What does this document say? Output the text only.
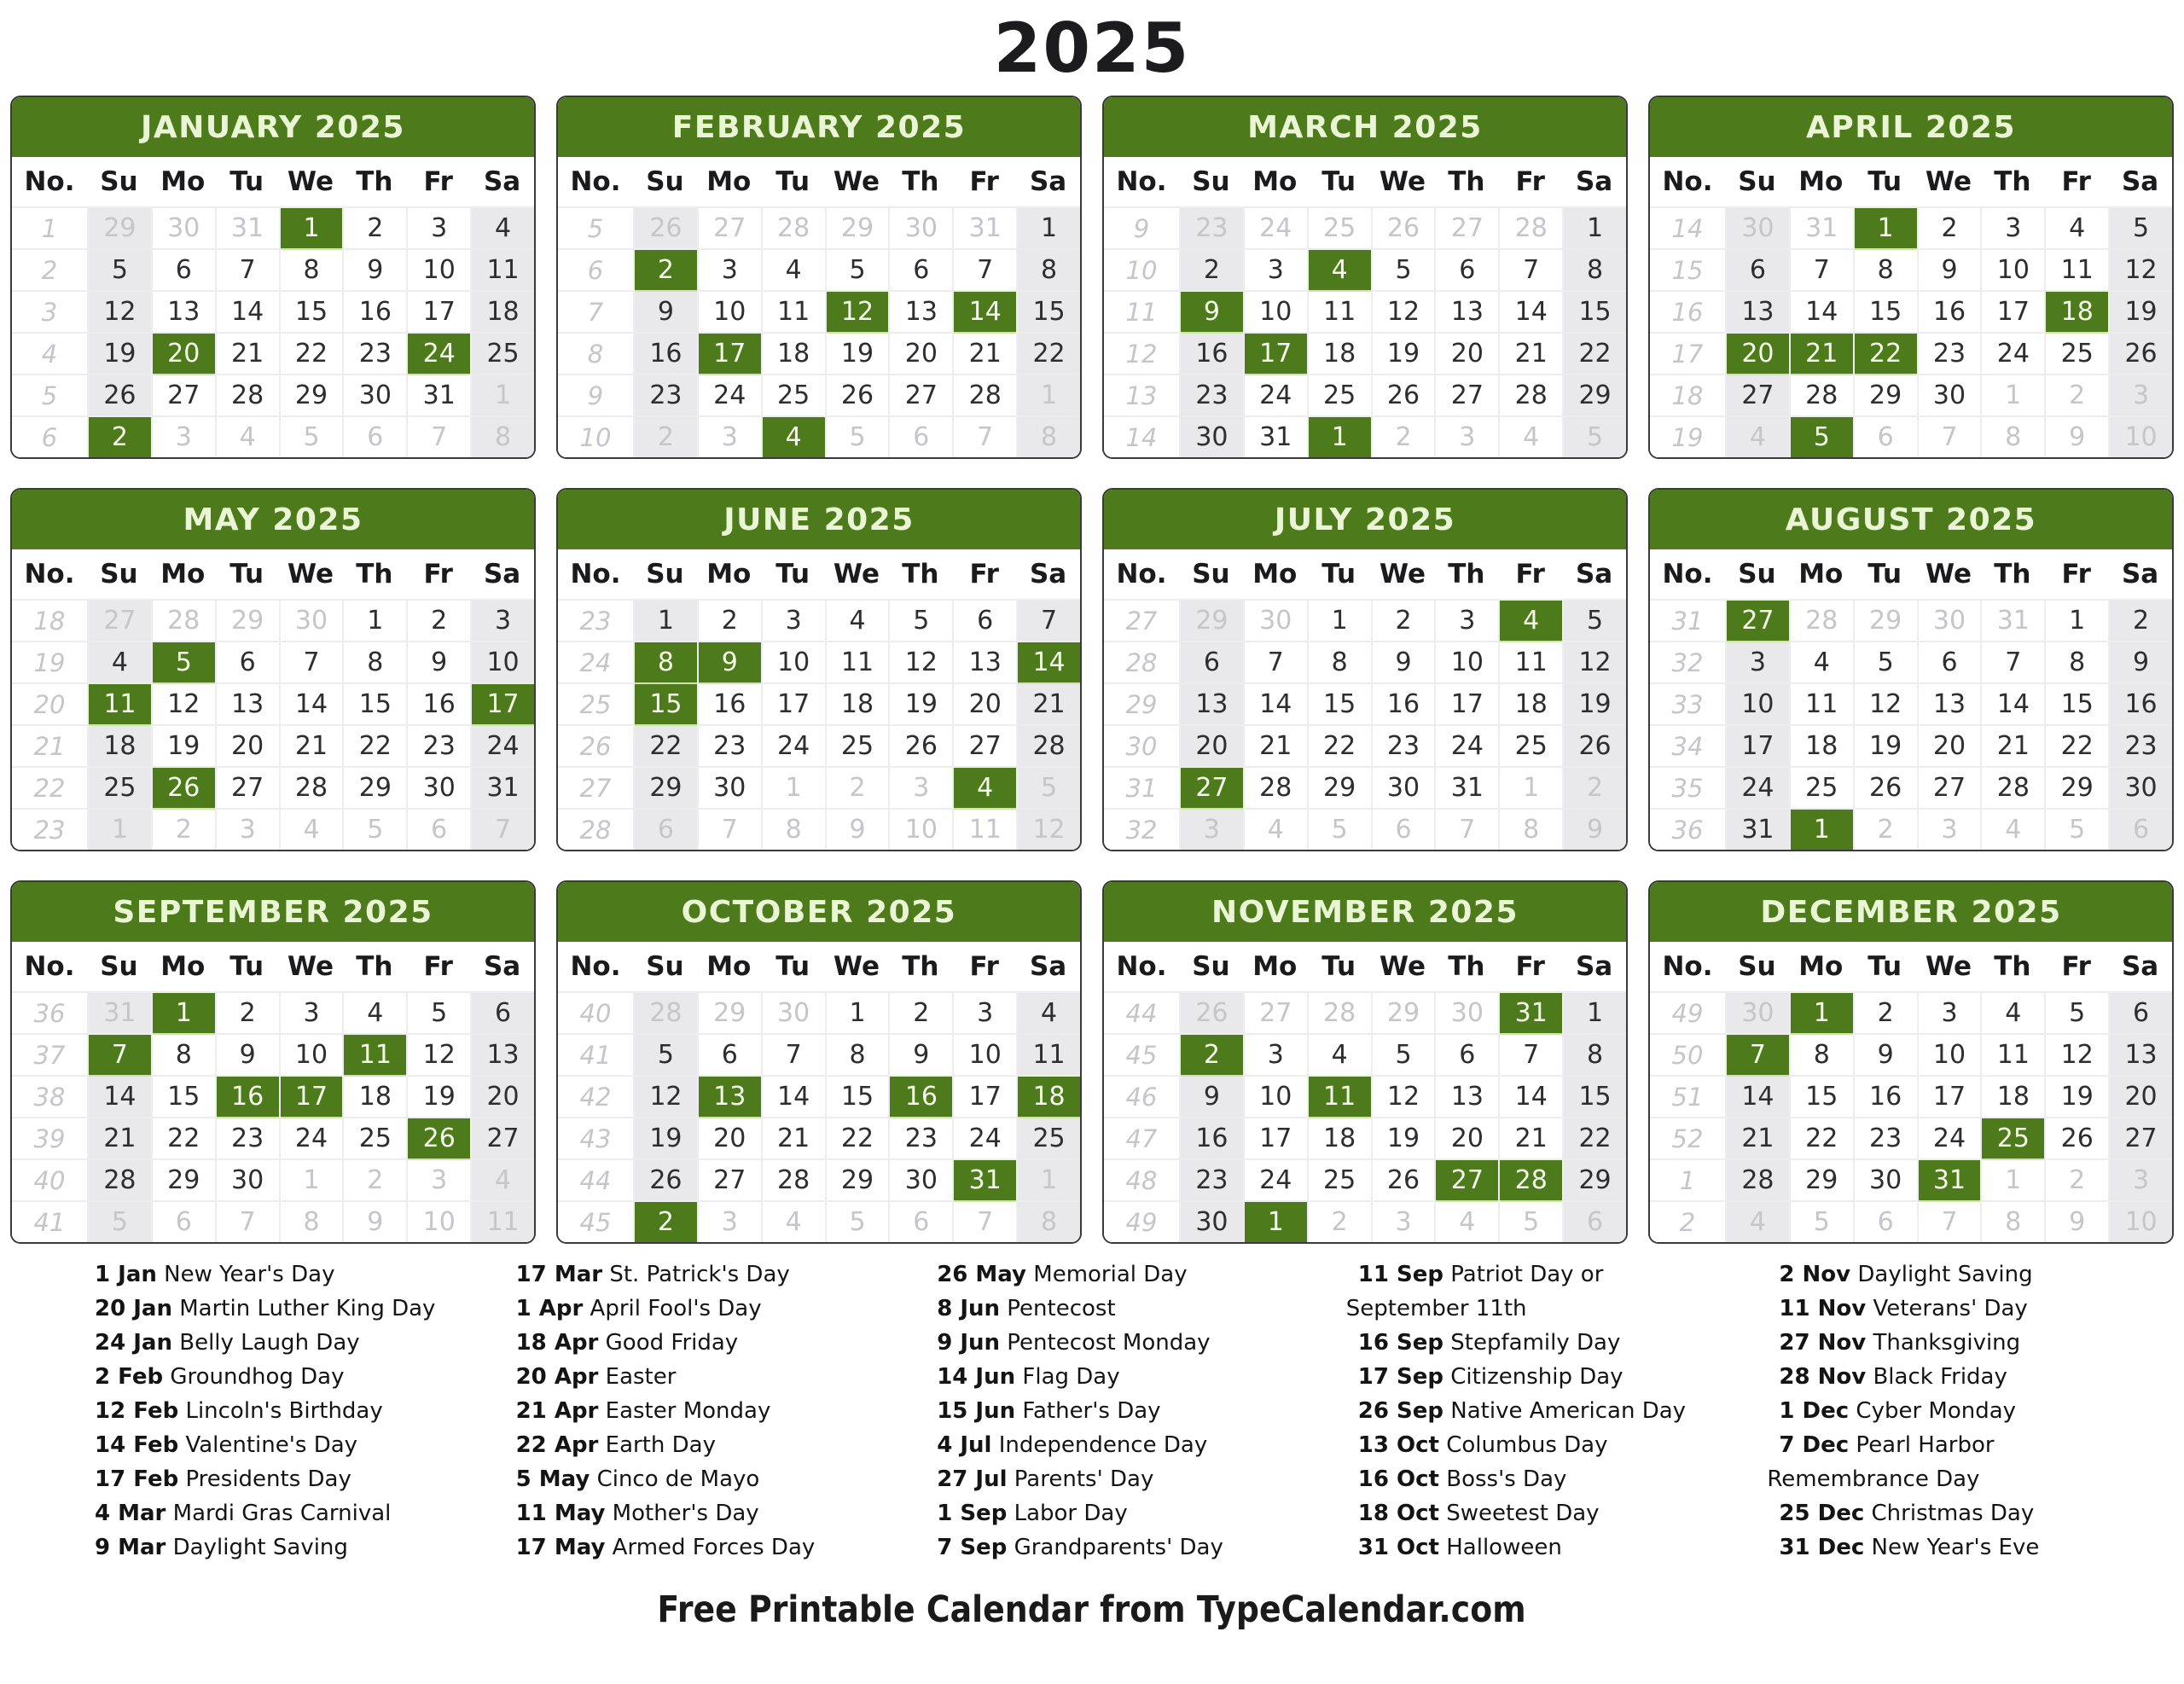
2025
JANUARY 2025
No. Su Mo Tu We Th	Fr	Sa
1	29	30	31	1	2	3	4
2	5	6	7	8	9	10	11
3	12	13	14	15	16	17	18
4	19	20	21	22	23	24	25
5	26	27	28	29	30	31	1
6	2	3	4	5	6	7	8
FEBRUARY 2025
No. Su Mo Tu We Th	Fr	Sa
5	26	27	28	29	30	31	1
6	2	3	4	5	6	7	8
7	9	10	11	12	13	14	15
8	16	17	18	19	20	21	22
9	23	24	25	26	27	28	1
10	2	3	4	5	6	7	8
MARCH 2025
No. Su Mo Tu We Th	Fr	Sa
9	23	24	25	26	27	28	1
10	2	3	4	5	6	7	8
11	9	10	11	12	13	14	15
12	16	17	18	19	20	21	22
13	23	24	25	26	27	28	29
14	30	31	1	2	3	4	5
APRIL 2025
No. Su Mo Tu We Th	Fr	Sa
14	30	31	1	2	3	4	5
15	6	7	8	9	10	11	12
16	13	14	15	16	17	18	19
17	20	21	22	23	24	25	26
18	27	28	29	30	1	2	3
19	4	5	6	7	8	9	10
MAY 2025
No. Su Mo Tu We Th	Fr	Sa
18	27	28	29	30	1	2	3
19	4	5	6	7	8	9	10
20	11	12	13	14	15	16	17
21	18	19	20	21	22	23	24
22	25	26	27	28	29	30	31
23	1	2	3	4	5	6	7
JUNE 2025
No. Su Mo Tu We Th	Fr	Sa
23	1	2	3	4	5	6	7
24	8	9	10	11	12	13	14
25	15	16	17	18	19	20	21
26	22	23	24	25	26	27	28
27	29	30	1	2	3	4	5
28	6	7	8	9	10	11	12
JULY 2025
No. Su Mo Tu We Th	Fr	Sa
27	29	30	1	2	3	4	5
28	6	7	8	9	10	11	12
29	13	14	15	16	17	18	19
30	20	21	22	23	24	25	26
31	27	28	29	30	31	1	2
32	3	4	5	6	7	8	9
AUGUST 2025
No. Su Mo Tu We Th	Fr	Sa
31	27	28	29	30	31	1	2
32	3	4	5	6	7	8	9
33	10	11	12	13	14	15	16
34	17	18	19	20	21	22	23
35	24	25	26	27	28	29	30
36	31	1	2	3	4	5	6
SEPTEMBER 2025
No. Su Mo Tu We Th	Fr	Sa
36	31	1	2	3	4	5	6
37	7	8	9	10	11	12	13
38	14	15	16	17	18	19	20
39	21	22	23	24	25	26	27
40	28	29	30	1	2	3	4
41	5	6	7	8	9	10	11
OCTOBER 2025
No. Su Mo Tu We Th	Fr	Sa
40	28	29	30	1	2	3	4
41	5	6	7	8	9	10	11
42	12	13	14	15	16	17	18
43	19	20	21	22	23	24	25
44	26	27	28	29	30	31	1
45	2	3	4	5	6	7	8
NOVEMBER 2025
No. Su Mo Tu We Th	Fr	Sa
44	26	27	28	29	30	31	1
45	2	3	4	5	6	7	8
46	9	10	11	12	13	14	15
47	16	17	18	19	20	21	22
48	23	24	25	26	27	28	29
49	30	1	2	3	4	5	6
DECEMBER 2025
No. Su Mo Tu We Th	Fr	Sa
49	30	1	2	3	4	5	6
50	7	8	9	10	11	12	13
51	14	15	16	17	18	19	20
52	21	22	23	24	25	26	27
1	28	29	30	31	1	2	3
2	4	5	6	7	8	9	10

1 Jan New Year's Day

20 Jan Martin Luther King Day

24 Jan Belly Laugh Day

2 Feb Groundhog Day

12 Feb Lincoln's Birthday

14 Feb Valentine's Day

17 Feb Presidents Day

4 Mar Mardi Gras Carnival

9 Mar Daylight Saving

17 Mar St. Patrick's Day

1 Apr April Fool's Day

18 Apr Good Friday

20 Apr Easter

21 Apr Easter Monday

22 Apr Earth Day

5 May Cinco de Mayo

11 May Mother's Day

17 May Armed Forces Day

26 May Memorial Day

8 Jun Pentecost

9 Jun Pentecost Monday

14 Jun Flag Day

15 Jun Father's Day

4 Jul Independence Day

27 Jul Parents' Day

1 Sep Labor Day

7 Sep Grandparents' Day

11 Sep Patriot Day or September 11th

16 Sep Stepfamily Day

17 Sep Citizenship Day

26 Sep Native American Day

13 Oct Columbus Day

16 Oct Boss's Day

18 Oct Sweetest Day

31 Oct Halloween

2 Nov Daylight Saving

11 Nov Veterans' Day

27 Nov Thanksgiving

28 Nov Black Friday

1 Dec Cyber Monday

7 Dec Pearl Harbor Remembrance Day

25 Dec Christmas Day

31 Dec New Year's Eve

Free Printable Calendar from TypeCalendar.com
